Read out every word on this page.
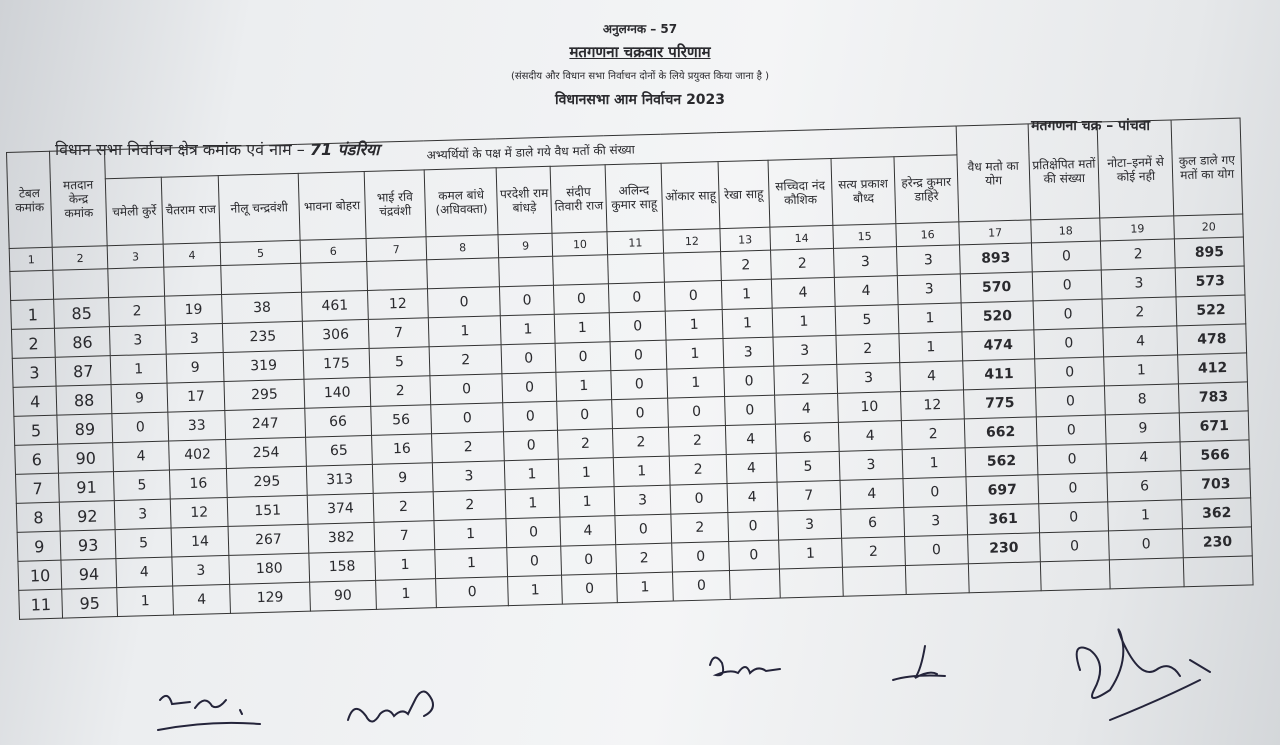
अनुलग्नक – 57
मतगणना चक्रवार परिणाम
(संसदीय और विधान सभा निर्वाचन दोनों के लिये प्रयुक्त किया जाना है )
विधानसभा आम निर्वाचन 2023
मतगणना चक्र – पांचवा
विधान सभा निर्वाचन क्षेत्र कमांक एवं नाम – 71 पंडरिया
टेबल कमांक	मतदान केन्द्र कमांक	अभ्यर्थियों के पक्ष में डाले गये वैध मतों की संख्या														वैध मतो का योग	प्रतिक्षेपित मतों की संख्या	नोटा–इनमें से कोई नही	कुल डाले गए मतों का योग
		चमेली कुर्रे	चैतराम राज	नीलू चन्द्रवंशी	भावना बोहरा	भाई रवि चंद्रवंशी	कमल बांधे (अधिवक्ता)	परदेशी राम बांधड़े	संदीप तिवारी राज	अलिन्द कुमार साहू	ओंकार साहू	रेखा साहू	सच्चिदा नंद कौशिक	सत्य प्रकाश बौध्द	हरेन्द्र कुमार डाहिरे				
1	2	3	4	5	6	7	8	9	10	11	12	13	14	15	16	17	18	19	20
												2	2	3	3	893	0	2	895
1	85	2	19	38	461	12	0	0	0	0	0	1	4	4	3	570	0	3	573
2	86	3	3	235	306	7	1	1	1	0	1	1	1	5	1	520	0	2	522
3	87	1	9	319	175	5	2	0	0	0	1	3	3	2	1	474	0	4	478
4	88	9	17	295	140	2	0	0	1	0	1	0	2	3	4	411	0	1	412
5	89	0	33	247	66	56	0	0	0	0	0	0	4	10	12	775	0	8	783
6	90	4	402	254	65	16	2	0	2	2	2	4	6	4	2	662	0	9	671
7	91	5	16	295	313	9	3	1	1	1	2	4	5	3	1	562	0	4	566
8	92	3	12	151	374	2	2	1	1	3	0	4	7	4	0	697	0	6	703
9	93	5	14	267	382	7	1	0	4	0	2	0	3	6	3	361	0	1	362
10	94	4	3	180	158	1	1	0	0	2	0	0	1	2	0	230	0	0	230
11	95	1	4	129	90	1	0	1	0	1	0								
